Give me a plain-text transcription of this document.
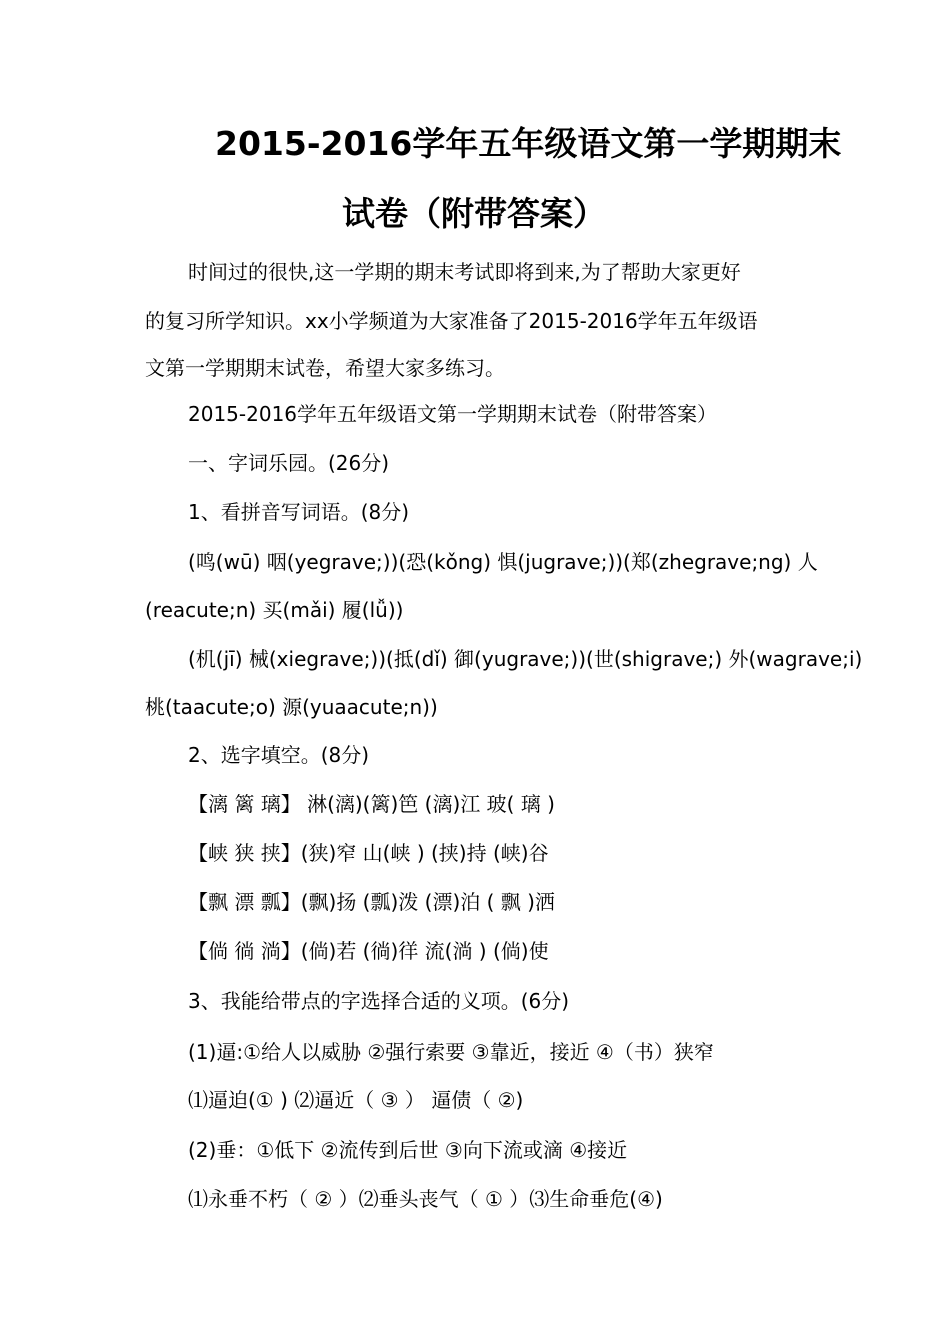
2015-2016学年五年级语文第一学期期末
试卷（附带答案）
时间过的很快,这一学期的期末考试即将到来,为了帮助大家更好
的复习所学知识。xx小学频道为大家准备了2015-2016学年五年级语
文第一学期期末试卷，希望大家多练习。
2015-2016学年五年级语文第一学期期末试卷（附带答案）
一、字词乐园。(26分)
1、看拼音写词语。(8分)
(鸣(wū) 咽(yegrave;))(恐(kǒng) 惧(jugrave;))(郑(zhegrave;ng) 人
(reacute;n) 买(mǎi) 履(lǚ))
(机(jī) 械(xiegrave;))(抵(dǐ) 御(yugrave;))(世(shigrave;) 外(wagrave;i)
桃(taacute;o) 源(yuaacute;n))
2、选字填空。(8分)
【漓 篱 璃】 淋(漓)(篱)笆 (漓)江 玻( 璃 )
【峡 狭 挟】(狭)窄 山(峡 ) (挟)持 (峡)谷
【飘 漂 瓢】(飘)扬 (瓢)泼 (漂)泊 ( 飘 )洒
【倘 徜 淌】(倘)若 (徜)徉 流(淌 ) (倘)使
3、我能给带点的字选择合适的义项。(6分)
(1)逼:①给人以威胁 ②强行索要 ③靠近，接近 ④（书）狭窄
⑴逼迫(① ) ⑵逼近（ ③ ） 逼债（ ②)
(2)垂：①低下 ②流传到后世 ③向下流或滴 ④接近
⑴永垂不朽（ ② ）⑵垂头丧气（ ① ）⑶生命垂危(④)
